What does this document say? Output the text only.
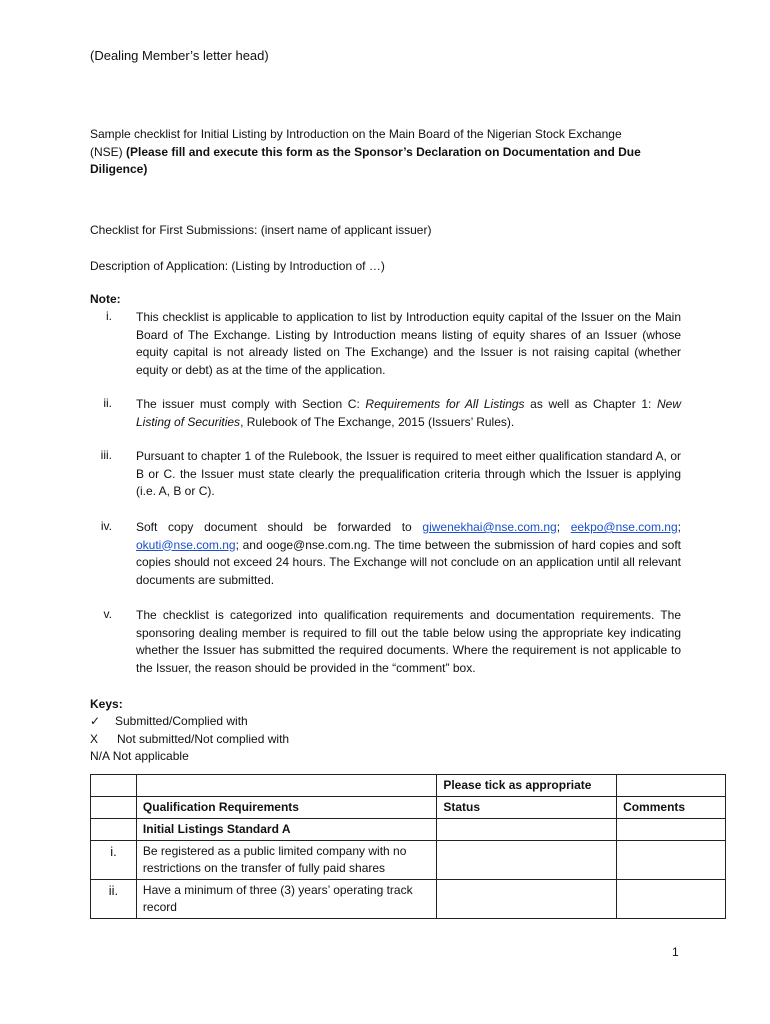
(Dealing Member’s letter head)
Sample checklist for Initial Listing by Introduction on the Main Board of the Nigerian Stock Exchange (NSE) (Please fill and execute this form as the Sponsor’s Declaration on Documentation and Due Diligence)
Checklist for First Submissions: (insert name of applicant issuer)
Description of Application: (Listing by Introduction of …)
Note:
i. This checklist is applicable to application to list by Introduction equity capital of the Issuer on the Main Board of The Exchange. Listing by Introduction means listing of equity shares of an Issuer (whose equity capital is not already listed on The Exchange) and the Issuer is not raising capital (whether equity or debt) as at the time of the application.
ii. The issuer must comply with Section C: Requirements for All Listings as well as Chapter 1: New Listing of Securities, Rulebook of The Exchange, 2015 (Issuers’ Rules).
iii. Pursuant to chapter 1 of the Rulebook, the Issuer is required to meet either qualification standard A, or B or C. the Issuer must state clearly the prequalification criteria through which the Issuer is applying (i.e. A, B or C).
iv. Soft copy document should be forwarded to giwenekhai@nse.com.ng; eekpo@nse.com.ng; okuti@nse.com.ng; and ooge@nse.com.ng. The time between the submission of hard copies and soft copies should not exceed 24 hours. The Exchange will not conclude on an application until all relevant documents are submitted.
v. The checklist is categorized into qualification requirements and documentation requirements. The sponsoring dealing member is required to fill out the table below using the appropriate key indicating whether the Issuer has submitted the required documents. Where the requirement is not applicable to the Issuer, the reason should be provided in the “comment” box.
Keys:
✓ Submitted/Complied with
X Not submitted/Not complied with
N/A Not applicable
		Please tick as appropriate	
	Qualification Requirements	Status	Comments
	Initial Listings Standard A		
i.	Be registered as a public limited company with no restrictions on the transfer of fully paid shares		
ii.	Have a minimum of three (3) years’ operating track record		
1
